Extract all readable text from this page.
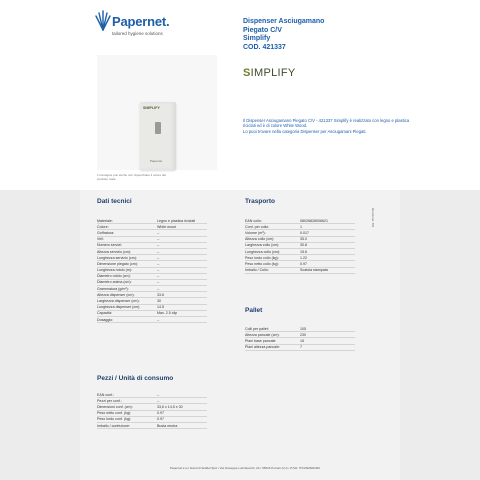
Papernet.
tailored hygiene solutions
SIMPLIFY
Papernet
L'immagine può anche non rispecchiare il colore del prodotto reale.
Dispenser Asciugamano
Piegato C/V
Simplify
COD. 421337
SIMPLIFY

Il Dispenser Asciugamano Piegato C/V - 421337 Simplify è realizzato con legno e plastica riciclati ed è di colore White Wood.

Lo puoi trovare nella categoria Dispenser per Asciugamani Piegati.

Dati tecnici
Materiale:	Legno e plastica riciclati
Colore:	White wood
Goffratura:	--
Veli:	--
Numero servizi:	--
Altezza servizio (cm):	--
Lunghezza servizio (cm):	--
Dimensione piegato (cm):	--
Lunghezza rotolo (m):	--
Diametro rotolo (cm):	--
Diametro anima (cm):	--
Grammatura (g/m²):	--
Altezza dispenser (cm):	33.6
Larghezza dispenser (cm):	30
Lunghezza dispenser (cm):	14.5
Capacità:	Max. 2.5 clip
Dosaggio:	--
Trasporto
EAN collo:	08026828006621
Conf. per collo:	1
Volume (m³):	0.017
Altezza collo (cm):	35.0
Larghezza collo (cm):	30.8
Lunghezza collo (cm):	15.6
Peso lordo collo (kg):	1.22
Peso netto collo (kg):	0.97
Imballo / Collo:	Scatola stampata
Pallet
Colli per pallet:	105
Altezza pancale (cm):	230
Piani base pancale:	15
Piani altezza pancale:	7
Pezzi / Unità di consumo
EAN conf.:	--
Pezzi per conf.:	--
Dimensioni conf. (cm):	33,6 x 14,5 x 30
Peso netto conf. (kg):	0.97
Peso lordo conf. (kg):	0.97
Imballo / confezione:	Busta neutra
Revisione: 8%
Papernet è un brand di Sofidel SpA • Via Giuseppe Lazzareschi, 23 • 55016 Porcari (LU) • P.IVA: IT01392600462
